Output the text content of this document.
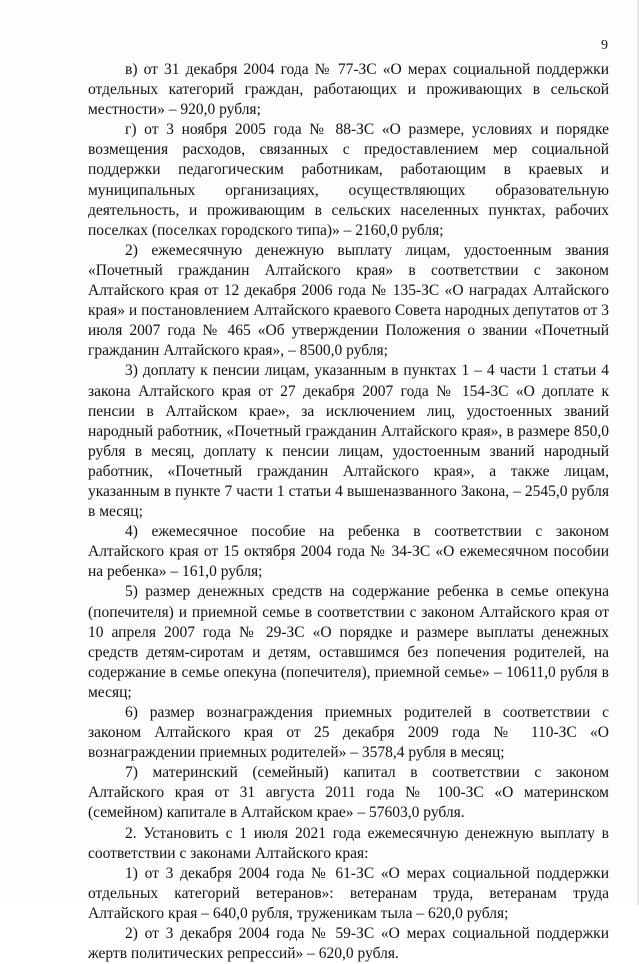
9

в) от 31 декабря 2004 года № 77-ЗС «О мерах социальной поддержки отдельных категорий граждан, работающих и проживающих в сельской местности» – 920,0 рубля;

г) от 3 ноября 2005 года № 88-ЗС «О размере, условиях и порядке возмещения расходов, связанных с предоставлением мер социальной поддержки педагогическим работникам, работающим в краевых и муниципальных организациях, осуществляющих образовательную деятельность, и проживающим в сельских населенных пунктах, рабочих поселках (поселках городского типа)» – 2160,0 рубля;

2) ежемесячную денежную выплату лицам, удостоенным звания «Почетный гражданин Алтайского края» в соответствии с законом Алтайского края от 12 декабря 2006 года № 135-ЗС «О наградах Алтайского края» и постановлением Алтайского краевого Совета народных депутатов от 3 июля 2007 года № 465 «Об утверждении Положения о звании «Почетный гражданин Алтайского края», – 8500,0 рубля;

3) доплату к пенсии лицам, указанным в пунктах 1 – 4 части 1 статьи 4 закона Алтайского края от 27 декабря 2007 года № 154-ЗС «О доплате к пенсии в Алтайском крае», за исключением лиц, удостоенных званий народный работник, «Почетный гражданин Алтайского края», в размере 850,0 рубля в месяц, доплату к пенсии лицам, удостоенным званий народный работник, «Почетный гражданин Алтайского края», а также лицам, указанным в пункте 7 части 1 статьи 4 вышеназванного Закона, – 2545,0 рубля в месяц;

4) ежемесячное пособие на ребенка в соответствии с законом Алтайского края от 15 октября 2004 года № 34-ЗС «О ежемесячном пособии на ребенка» – 161,0 рубля;

5) размер денежных средств на содержание ребенка в семье опекуна (попечителя) и приемной семье в соответствии с законом Алтайского края от 10 апреля 2007 года № 29-ЗС «О порядке и размере выплаты денежных средств детям-сиротам и детям, оставшимся без попечения родителей, на содержание в семье опекуна (попечителя), приемной семье» – 10611,0 рубля в месяц;

6) размер вознаграждения приемных родителей в соответствии с законом Алтайского края от 25 декабря 2009 года № 110-ЗС «О вознаграждении приемных родителей» – 3578,4 рубля в месяц;

7) материнский (семейный) капитал в соответствии с законом Алтайского края от 31 августа 2011 года № 100-ЗС «О материнском (семейном) капитале в Алтайском крае» – 57603,0 рубля.

2. Установить с 1 июля 2021 года ежемесячную денежную выплату в соответствии с законами Алтайского края:

1) от 3 декабря 2004 года № 61-ЗС «О мерах социальной поддержки отдельных категорий ветеранов»: ветеранам труда, ветеранам труда Алтайского края – 640,0 рубля, труженикам тыла – 620,0 рубля;

2) от 3 декабря 2004 года № 59-ЗС «О мерах социальной поддержки жертв политических репрессий» – 620,0 рубля.
